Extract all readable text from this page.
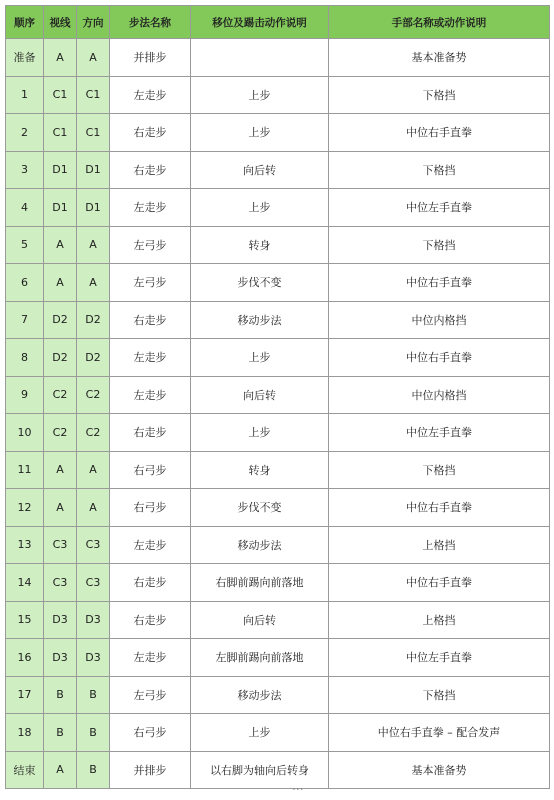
顺序	视线	方向	步法名称	移位及踢击动作说明	手部名称或动作说明
准备	A	A	并排步		基本准备势
1	C1	C1	左走步	上步	下格挡
2	C1	C1	右走步	上步	中位右手直拳
3	D1	D1	右走步	向后转	下格挡
4	D1	D1	左走步	上步	中位左手直拳
5	A	A	左弓步	转身	下格挡
6	A	A	左弓步	步伐不变	中位右手直拳
7	D2	D2	右走步	移动步法	中位内格挡
8	D2	D2	左走步	上步	中位右手直拳
9	C2	C2	左走步	向后转	中位内格挡
10	C2	C2	右走步	上步	中位左手直拳
11	A	A	右弓步	转身	下格挡
12	A	A	右弓步	步伐不变	中位右手直拳
13	C3	C3	左走步	移动步法	上格挡
14	C3	C3	右走步	右脚前踢向前落地	中位右手直拳
15	D3	D3	右走步	向后转	上格挡
16	D3	D3	左走步	左脚前踢向前落地	中位左手直拳
17	B	B	左弓步	移动步法	下格挡
18	B	B	右弓步	上步	中位右手直拳 – 配合发声
结束	A	B	并排步	以右脚为轴向后转身	基本准备势
...
